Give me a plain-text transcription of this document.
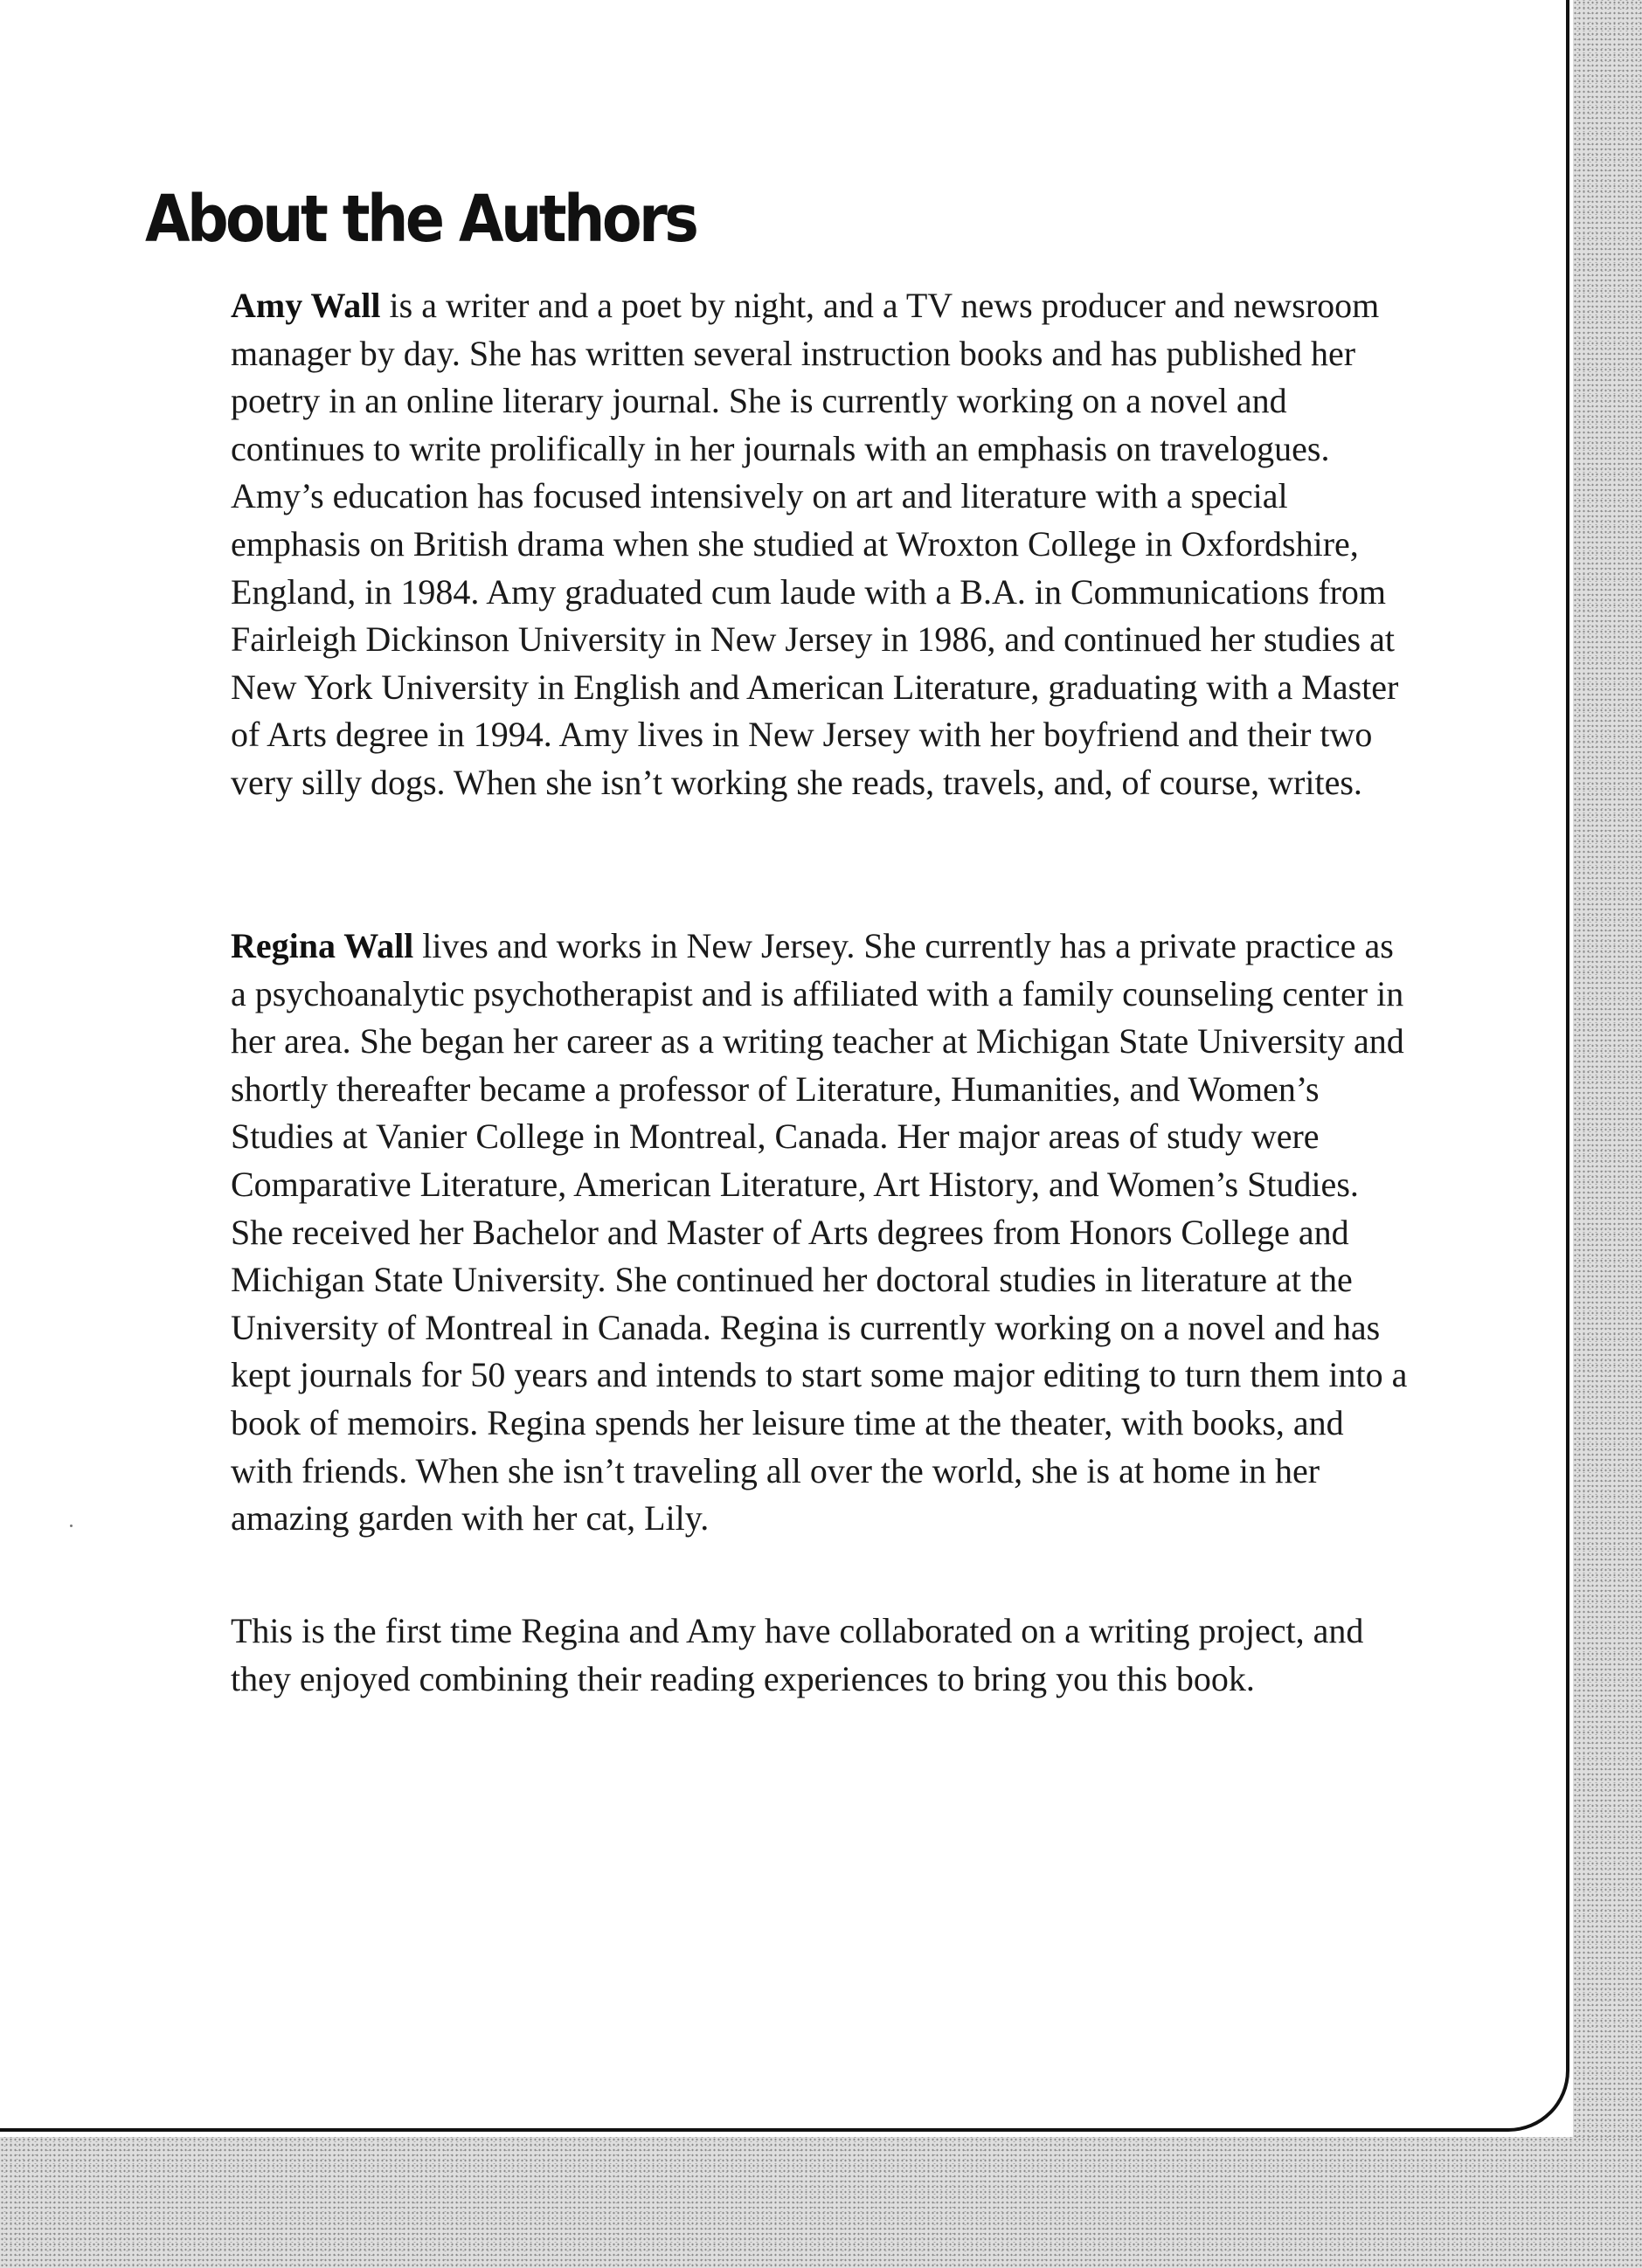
About the Authors

Amy Wall is a writer and a poet by night, and a TV news producer and newsroom manager by day. She has written several instruction books and has published her poetry in an online literary journal. She is currently working on a novel and continues to write prolifically in her journals with an emphasis on travelogues. Amy’s education has focused intensively on art and literature with a special emphasis on British drama when she studied at Wroxton College in Oxfordshire, England, in 1984. Amy graduated cum laude with a B.A. in Communications from Fairleigh Dickinson University in New Jersey in 1986, and continued her studies at New York University in English and American Literature, graduating with a Master of Arts degree in 1994. Amy lives in New Jersey with her boyfriend and their two very silly dogs. When she isn’t working she reads, travels, and, of course, writes.

Regina Wall lives and works in New Jersey. She currently has a private practice as a psychoanalytic psychotherapist and is affiliated with a family counseling center in her area. She began her career as a writing teacher at Michigan State University and shortly thereafter became a professor of Literature, Humanities, and Women’s Studies at Vanier College in Montreal, Canada. Her major areas of study were Comparative Literature, American Literature, Art History, and Women’s Studies. She received her Bachelor and Master of Arts degrees from Honors College and Michigan State University. She continued her doctoral studies in literature at the University of Montreal in Canada. Regina is currently working on a novel and has kept journals for 50 years and intends to start some major editing to turn them into a book of memoirs. Regina spends her leisure time at the theater, with books, and with friends. When she isn’t traveling all over the world, she is at home in her amazing garden with her cat, Lily.

This is the first time Regina and Amy have collaborated on a writing project, and they enjoyed combining their reading experiences to bring you this book.
